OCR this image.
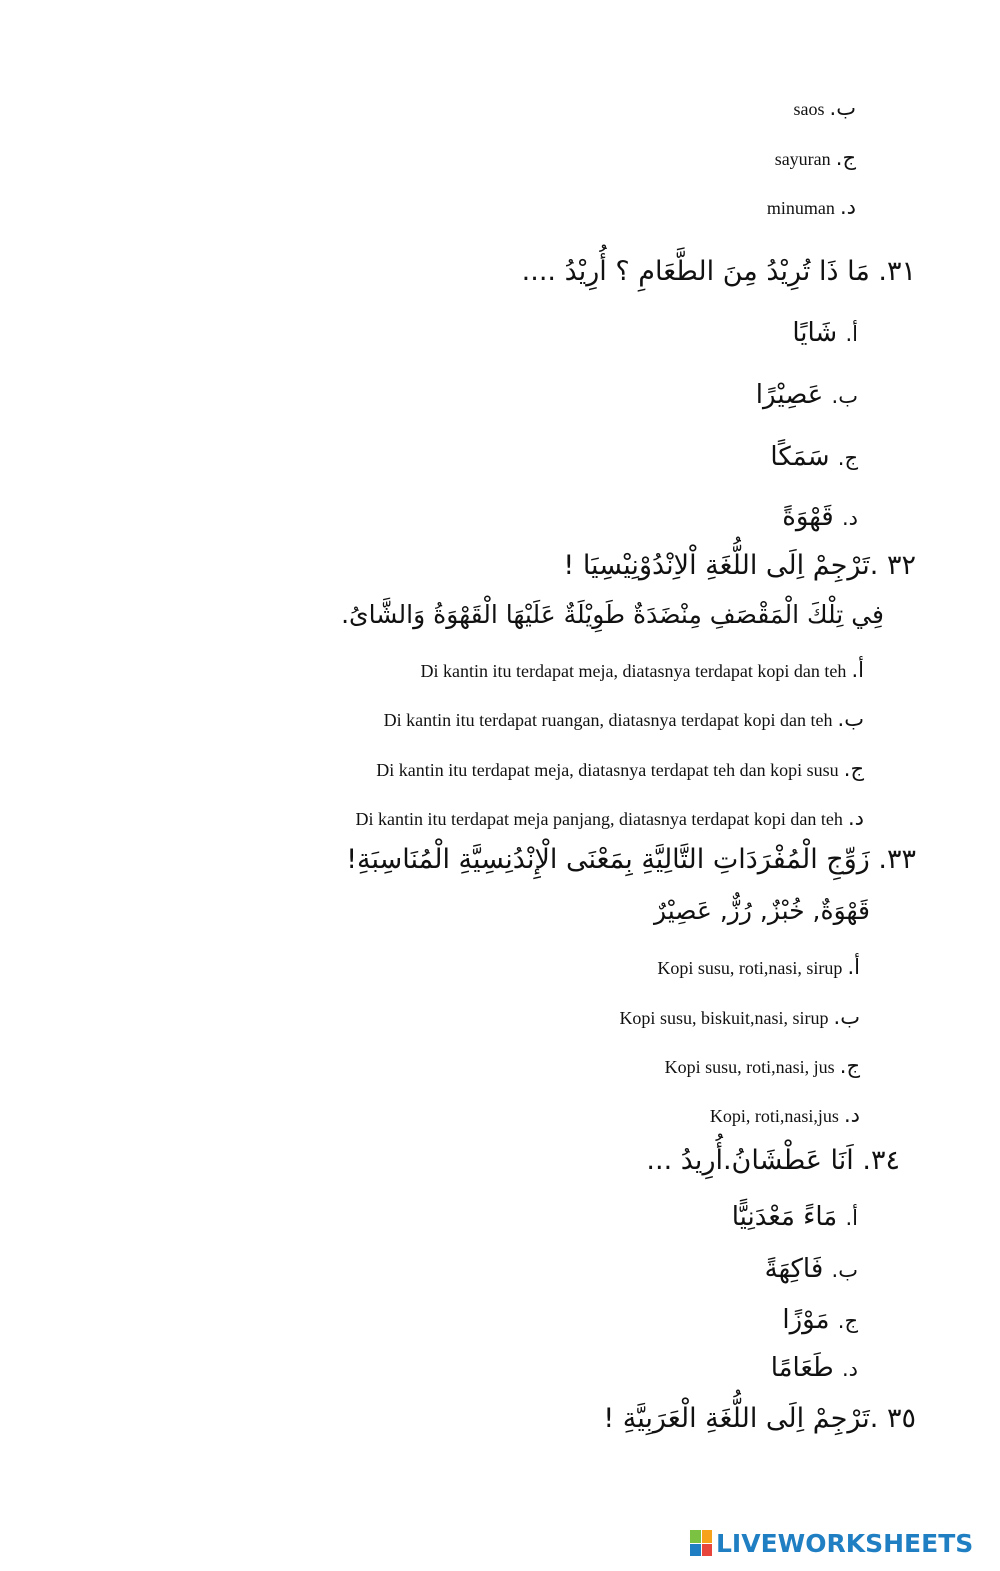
ب. saos
ج. sayuran
د. minuman
٣١. مَا ذَا تُرِيْدُ مِنَ الطَّعَامِ ؟ أُرِيْدُ ....
أ. شَايًا
ب. عَصِيْرًا
ج. سَمَكًا
د. قَهْوَةً
٣٢ .تَرْجِمْ اِلَى اللُّغَةِ اْلاِنْدُوْنِيْسِيَا !
فِي تِلْكَ الْمَقْصَفِ مِنْضَدَةٌ طَوِيْلَةٌ عَلَيْهَا الْقَهْوَةُ وَالشَّاىُ.
أ. Di kantin itu terdapat meja, diatasnya terdapat kopi dan teh
ب. Di kantin itu terdapat ruangan, diatasnya terdapat kopi dan teh
ج. Di kantin itu terdapat meja, diatasnya terdapat teh dan kopi susu
د. Di kantin itu terdapat meja panjang, diatasnya terdapat kopi dan teh
٣٣. زَوِّجِ الْمُفْرَدَاتِ التَّالِيَّةِ بِمَعْنَى الْإِنْدُنِسِيَّةِ الْمُنَاسِبَةِ!
قَهْوَةٌ, خُبْزٌ, رُزٌّ, عَصِيْرٌ
أ. Kopi susu, roti,nasi, sirup
ب. Kopi susu, biskuit,nasi, sirup
ج. Kopi susu, roti,nasi, jus
د. Kopi, roti,nasi,jus
٣٤. اَنَا عَطْشَانُ.أُرِيدُ ...
أ. مَاءً مَعْدَنِيًّا
ب. فَاكِهَةً
ج. مَوْزًا
د. طَعَامًا
٣٥ .تَرْجِمْ اِلَى اللُّغَةِ الْعَرَبِيَّةِ !
LIVEWORKSHEETS
